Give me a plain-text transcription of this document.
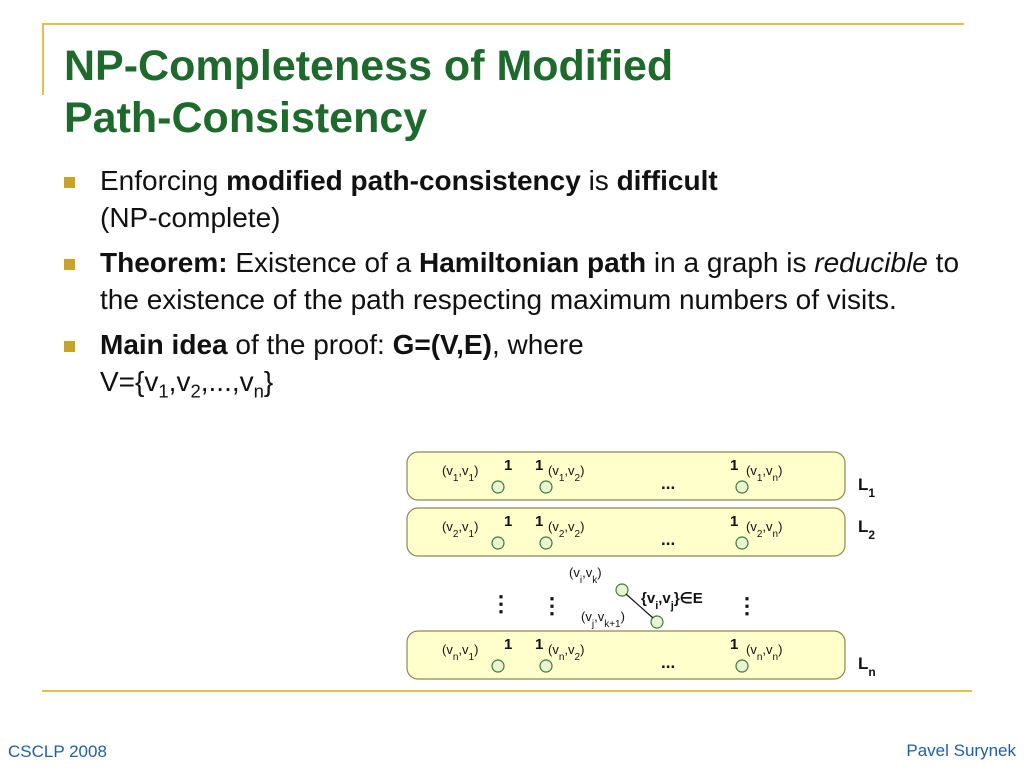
NP-Completeness of Modified
Path-Consistency
Enforcing modified path-consistency is difficult
(NP-complete)
Theorem: Existence of a Hamiltonian path in a graph is reducible to the existence of the path respecting maximum numbers of visits.
Main idea of the proof: G=(V,E), where
$V=\{v_1,v_2,...,v_n\}$
$(v_1,v_1)$	$(v_1,v_2)$	$(v_1,v_n)$
1 1	1
...	$L_1$
$(v_2,v_1)$	$(v_2,v_2)$	$(v_2,v_n)$
1 1	1
...
$L_2$
$(v_n,v_1)$	$(v_n,v_2)$	$(v_n,v_n)$
1 1	1
...	$L_n$
$(v_i,v_k)$
$(v_j,v_{k+1})$
$\{v_i,v_j\}\in E$
⋮ ⋮	⋮
CSCLP 2008	Pavel Surynek
